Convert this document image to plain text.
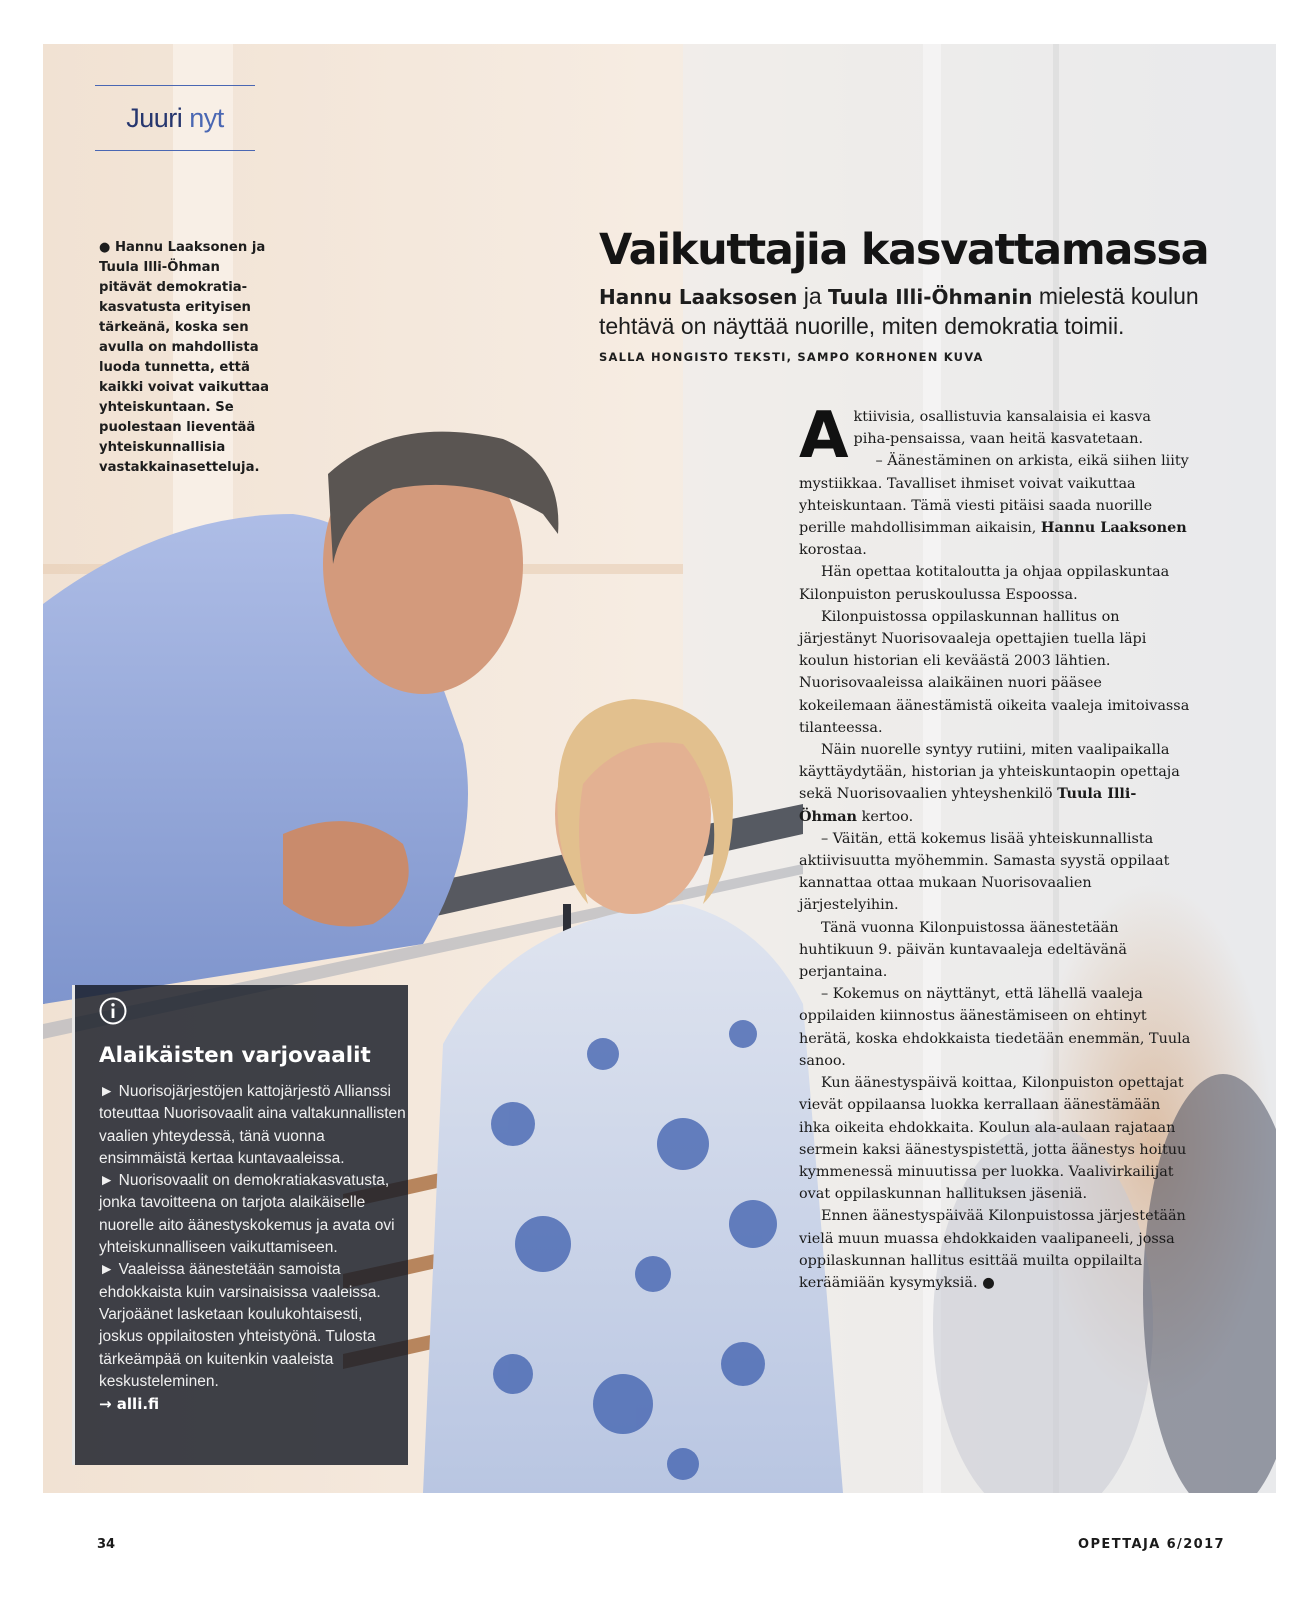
Juuri nyt
● Hannu Laaksonen ja Tuula Illi-Öhman pitävät demokratia-kasvatusta erityisen tärkeänä, koska sen avulla on mahdollista luoda tunnetta, että kaikki voivat vaikuttaa yhteiskuntaan. Se puolestaan lieventää yhteiskunnallisia vastakkainasetteluja.
Vaikuttajia kasvattamassa
Hannu Laaksosen ja Tuula Illi-Öhmanin mielestä koulun tehtävä on näyttää nuorille, miten demokratia toimii.
SALLA HONGISTO TEKSTI, SAMPO KORHONEN KUVA

Aktiivisia, osallistuvia kansalaisia ei kasva piha-pensaissa, vaan heitä kasvatetaan.

– Äänestäminen on arkista, eikä siihen liity mystiikkaa. Tavalliset ihmiset voivat vaikuttaa yhteiskuntaan. Tämä viesti pitäisi saada nuorille perille mahdollisimman aikaisin, Hannu Laaksonen korostaa.

Hän opettaa kotitaloutta ja ohjaa oppilaskuntaa Kilonpuiston peruskoulussa Espoossa.

Kilonpuistossa oppilaskunnan hallitus on järjestänyt Nuorisovaaleja opettajien tuella läpi koulun historian eli keväästä 2003 lähtien. Nuorisovaaleissa alaikäinen nuori pääsee kokeilemaan äänestämistä oikeita vaaleja imitoivassa tilanteessa.

Näin nuorelle syntyy rutiini, miten vaalipaikalla käyttäydytään, historian ja yhteiskuntaopin opettaja sekä Nuorisovaalien yhteyshenkilö Tuula Illi-Öhman kertoo.

– Väitän, että kokemus lisää yhteiskunnallista aktiivisuutta myöhemmin. Samasta syystä oppilaat kannattaa ottaa mukaan Nuorisovaalien järjestelyihin.

Tänä vuonna Kilonpuistossa äänestetään huhtikuun 9. päivän kuntavaaleja edeltävänä perjantaina.

– Kokemus on näyttänyt, että lähellä vaaleja oppilaiden kiinnostus äänestämiseen on ehtinyt herätä, koska ehdokkaista tiedetään enemmän, Tuula sanoo.

Kun äänestyspäivä koittaa, Kilonpuiston opettajat vievät oppilaansa luokka kerrallaan äänestämään ihka oikeita ehdokkaita. Koulun ala-aulaan rajataan sermein kaksi äänestyspistettä, jotta äänestys hoituu kymmenessä minuutissa per luokka. Vaalivirkailijat ovat oppilaskunnan hallituksen jäseniä.

Ennen äänestyspäivää Kilonpuistossa järjestetään vielä muun muassa ehdokkaiden vaalipaneeli, jossa oppilaskunnan hallitus esittää muilta oppilailta keräämiään kysymyksiä. ●

Alaikäisten varjovaalit

► Nuorisojärjestöjen kattojärjestö Allianssi toteuttaa Nuorisovaalit aina valtakunnallisten vaalien yhteydessä, tänä vuonna ensimmäistä kertaa kuntavaaleissa.

► Nuorisovaalit on demokratiakasvatusta, jonka tavoitteena on tarjota alaikäiselle nuorelle aito äänestyskokemus ja avata ovi yhteiskunnalliseen vaikuttamiseen.

► Vaaleissa äänestetään samoista ehdokkaista kuin varsinaisissa vaaleissa. Varjoäänet lasketaan koulukohtaisesti, joskus oppilaitosten yhteistyönä. Tulosta tärkeämpää on kuitenkin vaaleista keskusteleminen.

→ alli.fi

34	OPETTAJA 6/2017
